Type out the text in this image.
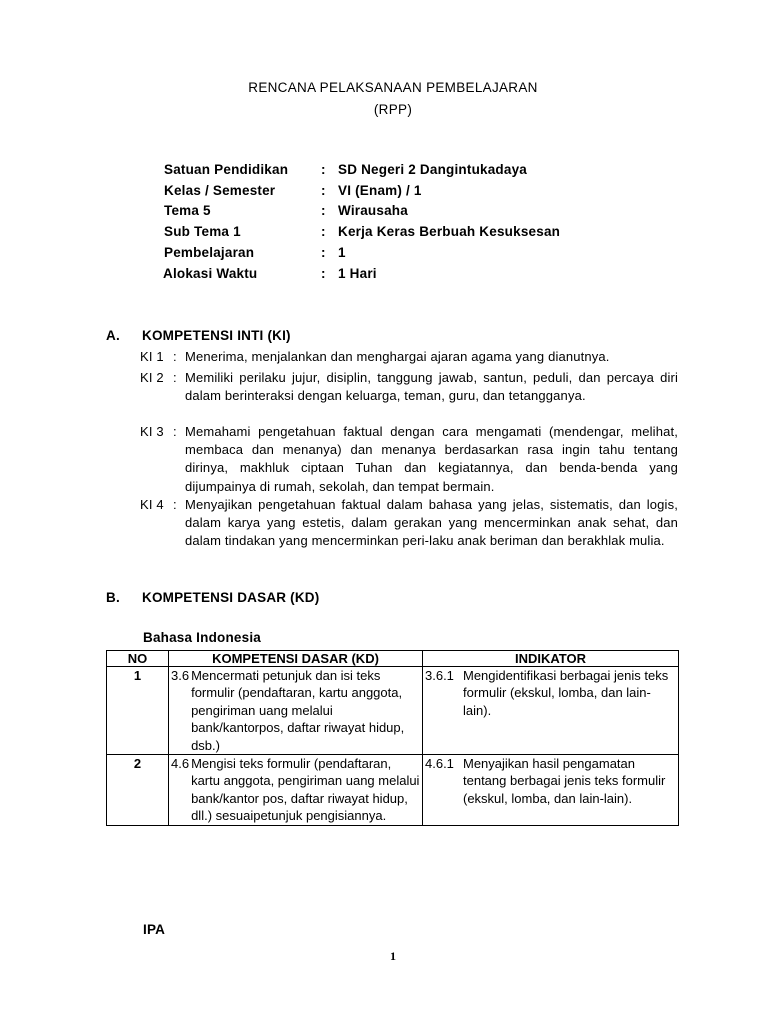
RENCANA PELAKSANAAN PEMBELAJARAN
(RPP)
Satuan Pendidikan : SD Negeri 2 Dangintukadaya
Kelas / Semester	: VI (Enam) / 1
Tema 5	: Wirausaha
Sub Tema 1	: Kerja Keras Berbuah Kesuksesan
Pembelajaran	: 1
Alokasi Waktu	: 1 Hari
A. KOMPETENSI INTI (KI)
KI 1 : Menerima, menjalankan dan menghargai ajaran agama yang dianutnya.
KI 2 : Memiliki perilaku jujur, disiplin, tanggung jawab, santun, peduli, dan percaya diri dalam berinteraksi dengan keluarga, teman, guru, dan tetangganya.
KI 3 : Memahami pengetahuan faktual dengan cara mengamati (mendengar, melihat, membaca dan menanya) dan menanya berdasarkan rasa ingin tahu tentang dirinya, makhluk ciptaan Tuhan dan kegiatannya, dan benda-benda yang dijumpainya di rumah, sekolah, dan tempat bermain.
KI 4 : Menyajikan pengetahuan faktual dalam bahasa yang jelas, sistematis, dan logis, dalam karya yang estetis, dalam gerakan yang mencerminkan anak sehat, dan dalam tindakan yang mencerminkan peri-laku anak beriman dan berakhlak mulia.
B. KOMPETENSI DASAR (KD)
Bahasa Indonesia
NO	KOMPETENSI DASAR (KD)	INDIKATOR
1	3.6 Mencermati petunjuk dan isi teks formulir (pendaftaran, kartu anggota, pengiriman uang melalui bank/kantorpos, daftar riwayat hidup, dsb.)	3.6.1 Mengidentifikasi berbagai jenis teks formulir (ekskul, lomba, dan lain-lain).

2	4.6 Mengisi teks formulir (pendaftaran, kartu anggota, pengiriman uang melalui bank/kantor pos, daftar riwayat hidup, dll.) sesuaipetunjuk pengisiannya.	4.6.1 Menyajikan hasil pengamatan tentang berbagai jenis teks formulir (ekskul, lomba, dan lain-lain).
IPA
1
